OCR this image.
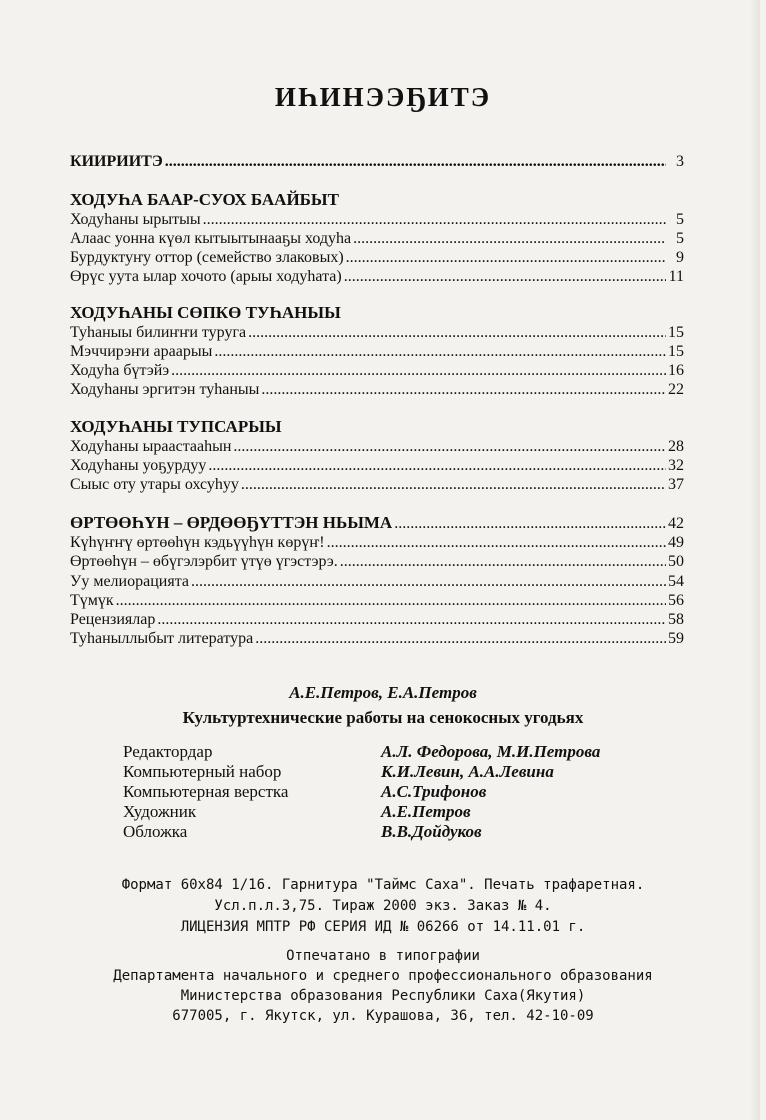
ИҺИНЭЭҔИТЭ
КИИРИИТЭ .....	3
ХОДУҺА БААР-СУОХ БААЙБЫТ
Ходуһаны ырытыы .....	5
Алаас уонна күөл кытыытынааҕы ходуһа .....	5
Бурдуктуҥу оттор (семейство злаковых) .....	9
Өрүс уута ылар хочото (арыы ходуһата) .....	11
ХОДУҺАНЫ СӨПКӨ ТУҺАНЫЫ
Туһаныы билиҥҥи туруга .....	15
Мэччирэҥи араарыы .....	15
Ходуһа бүтэйэ .....	16
Ходуһаны эргитэн туһаныы .....	22
ХОДУҺАНЫ ТУПСАРЫЫ
Ходуһаны ыраастааһын .....	28
Ходуһаны уоҕурдуу .....	32
Сыыс оту утары охсуһуу .....	37
ӨРТӨӨҺҮН – ӨРДӨӨҔҮТТЭН НЬЫМА .....	42
Күһүҥҥү өртөөһүн кэдьүүһүн көрүҥ! .....	49
Өртөөһүн – өбүгэлэрбит үтүө үгэстэрэ. .....	50
Уу мелиорацията .....	54
Түмүк .....	56
Рецензиялар .....	58
Туһаныллыбыт литература .....	59
А.Е.Петров, Е.А.Петров
Культуртехнические работы на сенокосных угодьях
Редактордар	А.Л. Федорова, М.И.Петрова
Компьютерный набор	К.И.Левин, А.А.Левина
Компьютерная верстка	А.С.Трифонов
Художник	А.Е.Петров
Обложка	В.В.Дойдуков
Формат 60х84 1/16. Гарнитура "Таймс Саха". Печать трафаретная.
Усл.п.л.3,75. Тираж 2000 экз. Заказ № 4.
ЛИЦЕНЗИЯ МПТР РФ СЕРИЯ ИД № 06266 от 14.11.01 г.
Отпечатано в типографии
Департамента начального и среднего профессионального образования
Министерства образования Республики Саха(Якутия)
677005, г. Якутск, ул. Курашова, 36, тел. 42-10-09
